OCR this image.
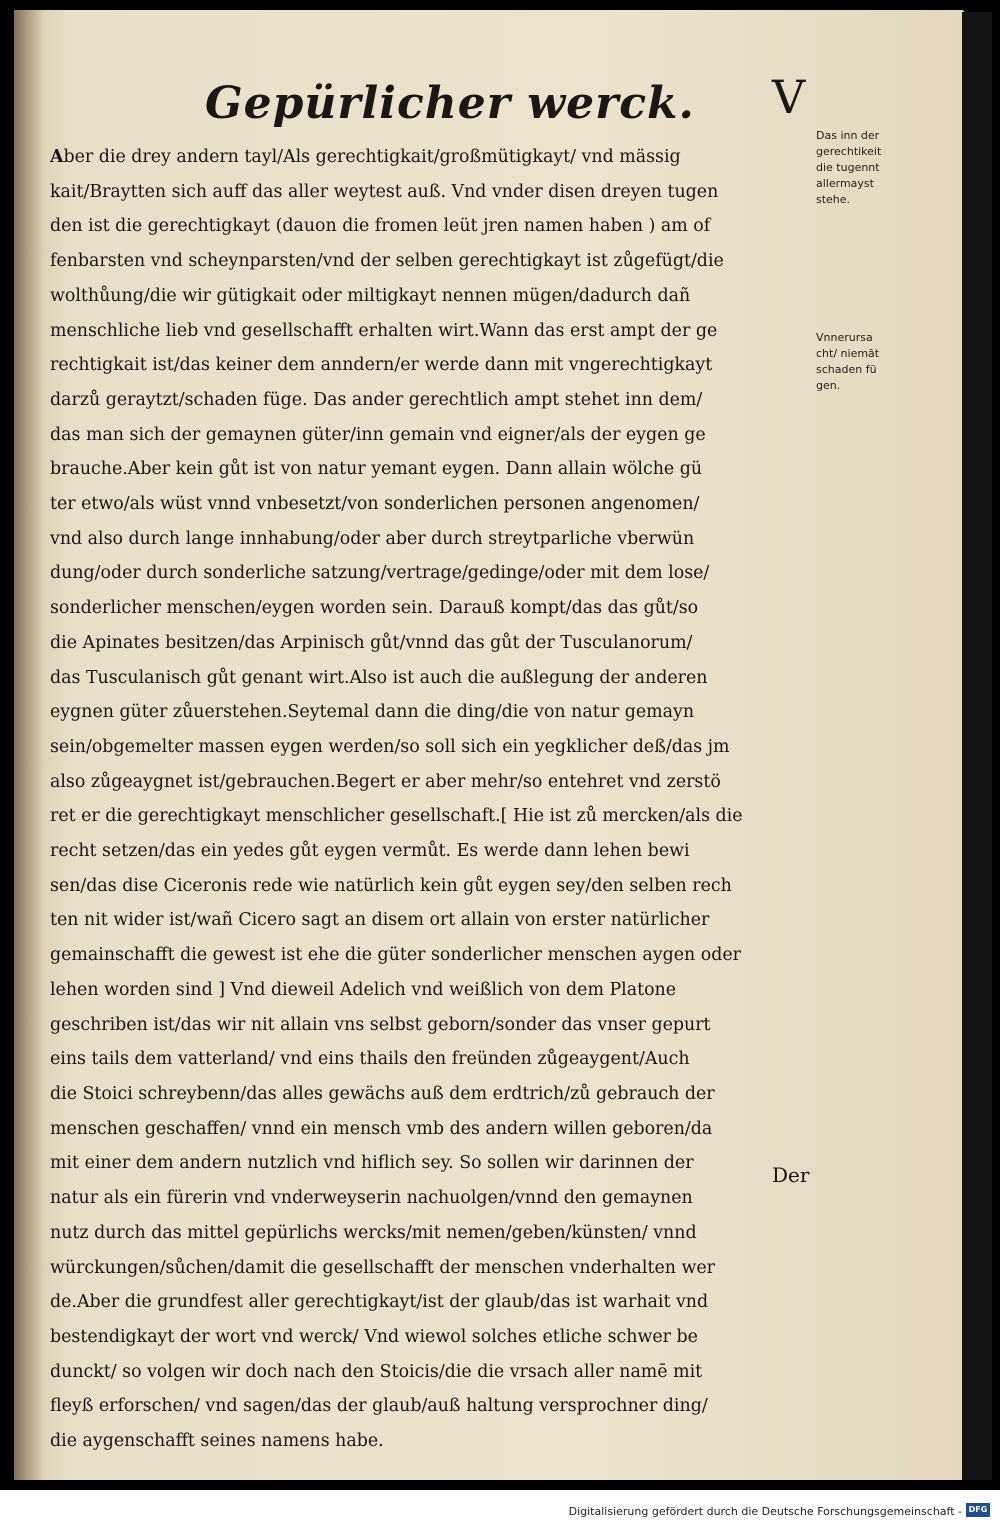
Gepürlicher werck. V
Aber die drey andern tayl/Als gerechtigkait/großmütigkayt/ vnd mässig
kait/Braytten sich auff das aller weytest auß. Vnd vnder disen dreyen tugen
den ist die gerechtigkayt (dauon die fromen leüt jren namen haben ) am of
fenbarsten vnd scheynparsten/vnd der selben gerechtigkayt ist zůgefügt/die
wolthůung/die wir gütigkait oder miltigkayt nennen mügen/dadurch dañ
menschliche lieb vnd gesellschafft erhalten wirt.Wann das erst ampt der ge
rechtigkait ist/das keiner dem anndern/er werde dann mit vngerechtigkayt
darzů geraytzt/schaden füge. Das ander gerechtlich ampt stehet inn dem/
das man sich der gemaynen güter/inn gemain vnd eigner/als der eygen ge
brauche.Aber kein gůt ist von natur yemant eygen. Dann allain wölche gü
ter etwo/als wüst vnnd vnbesetzt/von sonderlichen personen angenomen/
vnd also durch lange innhabung/oder aber durch streytparliche vberwün
dung/oder durch sonderliche satzung/vertrage/gedinge/oder mit dem lose/
sonderlicher menschen/eygen worden sein. Darauß kompt/das das gůt/so
die Apinates besitzen/das Arpinisch gůt/vnnd das gůt der Tusculanorum/
das Tusculanisch gůt genant wirt.Also ist auch die außlegung der anderen
eygnen güter zůuerstehen.Seytemal dann die ding/die von natur gemayn
sein/obgemelter massen eygen werden/so soll sich ein yegklicher deß/das jm
also zůgeaygnet ist/gebrauchen.Begert er aber mehr/so entehret vnd zerstö
ret er die gerechtigkayt menschlicher gesellschaft.[ Hie ist zů mercken/als die
recht setzen/das ein yedes gůt eygen vermůt. Es werde dann lehen bewi
sen/das dise Ciceronis rede wie natürlich kein gůt eygen sey/den selben rech
ten nit wider ist/wañ Cicero sagt an disem ort allain von erster natürlicher
gemainschafft die gewest ist ehe die güter sonderlicher menschen aygen oder
lehen worden sind ] Vnd dieweil Adelich vnd weißlich von dem Platone
geschriben ist/das wir nit allain vns selbst geborn/sonder das vnser gepurt
eins tails dem vatterland/ vnd eins thails den freünden zůgeaygent/Auch
die Stoici schreybenn/das alles gewächs auß dem erdtrich/zů gebrauch der
menschen geschaffen/ vnnd ein mensch vmb des andern willen geboren/da
mit einer dem andern nutzlich vnd hiflich sey. So sollen wir darinnen der
natur als ein fürerin vnd vnderweyserin nachuolgen/vnnd den gemaynen
nutz durch das mittel gepürlichs wercks/mit nemen/geben/künsten/ vnnd
würckungen/sůchen/damit die gesellschafft der menschen vnderhalten wer
de.Aber die grundfest aller gerechtigkayt/ist der glaub/das ist warhait vnd
bestendigkayt der wort vnd werck/ Vnd wiewol solches etliche schwer be
dunckt/ so volgen wir doch nach den Stoicis/die die vrsach aller namē mit
fleyß erforschen/ vnd sagen/das der glaub/auß haltung versprochner ding/
die aygenschafft seines namens habe.
Das inn der
gerechtikeit
die tugennt
allermayst
stehe.
Vnnerursa
cht/ niemāt
schaden fü
gen.
Der
Digitalisierung gefördert durch die Deutsche Forschungsgemeinschaft - DFG
